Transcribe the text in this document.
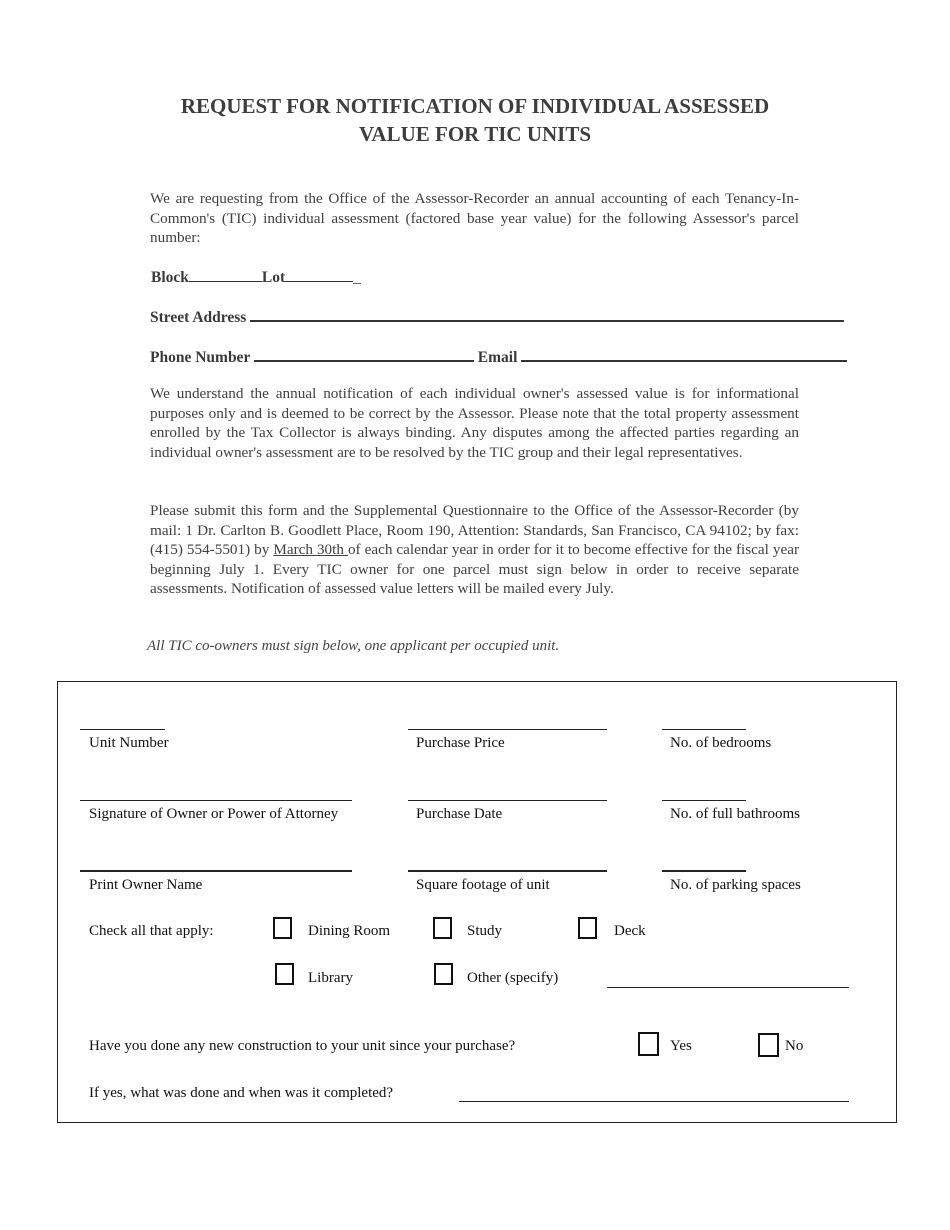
REQUEST FOR NOTIFICATION OF INDIVIDUAL ASSESSED
VALUE FOR TIC UNITS
We are requesting from the Office of the Assessor-Recorder an annual accounting of each Tenancy-In-Common's (TIC) individual assessment (factored base year value) for the following Assessor's parcel number:
Block	Lot	_
Street Address
Phone Number	Email
We understand the annual notification of each individual owner's assessed value is for informational purposes only and is deemed to be correct by the Assessor. Please note that the total property assessment enrolled by the Tax Collector is always binding. Any disputes among the affected parties regarding an individual owner's assessment are to be resolved by the TIC group and their legal representatives.
Please submit this form and the Supplemental Questionnaire to the Office of the Assessor-Recorder (by mail: 1 Dr. Carlton B. Goodlett Place, Room 190, Attention: Standards, San Francisco, CA 94102; by fax:(415) 554-5501) by March 30th of each calendar year in order for it to become effective for the fiscal year beginning July 1. Every TIC owner for one parcel must sign below in order to receive separate assessments. Notification of assessed value letters will be mailed every July.
All TIC co-owners must sign below, one applicant per occupied unit.
Unit Number	Purchase Price	No. of bedrooms
Signature of Owner or Power of Attorney	Purchase Date	No. of full bathrooms
Print Owner Name	Square footage of unit	No. of parking spaces
Check all that apply:	Dining Room	Study	Deck
Library	Other (specify)
Have you done any new construction to your unit since your purchase?	Yes	No
If yes, what was done and when was it completed?
